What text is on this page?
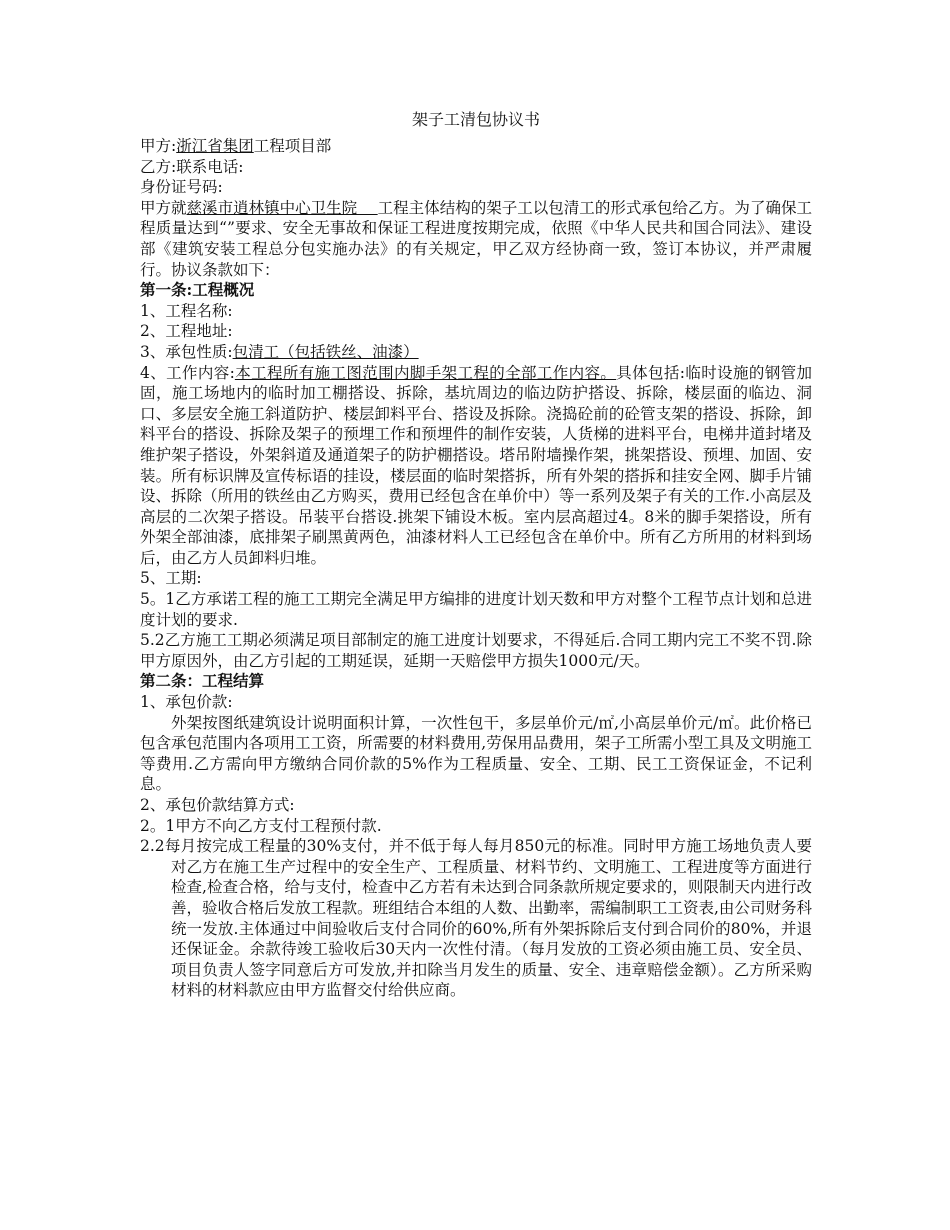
架子工清包协议书
甲方:浙江省集团工程项目部
乙方:联系电话:
身份证号码:
甲方就慈溪市逍林镇中心卫生院　 工程主体结构的架子工以包清工的形式承包给乙方。为了确保工程质量达到“”要求、安全无事故和保证工程进度按期完成，依照《中华人民共和国合同法》、建设部《建筑安装工程总分包实施办法》的有关规定，甲乙双方经协商一致，签订本协议，并严肃履行。协议条款如下：
第一条:工程概况
1、工程名称:
2、工程地址:
3、承包性质:包清工（包括铁丝、油漆）
4、工作内容:本工程所有施工图范围内脚手架工程的全部工作内容。具体包括:临时设施的钢管加固，施工场地内的临时加工棚搭设、拆除，基坑周边的临边防护搭设、拆除，楼层面的临边、洞口、多层安全施工斜道防护、楼层卸料平台、搭设及拆除。浇捣砼前的砼管支架的搭设、拆除，卸料平台的搭设、拆除及架子的预埋工作和预埋件的制作安装，人货梯的进料平台，电梯井道封堵及维护架子搭设，外架斜道及通道架子的防护棚搭设。塔吊附墙操作架，挑架搭设、预埋、加固、安装。所有标识牌及宣传标语的挂设，楼层面的临时架搭拆，所有外架的搭拆和挂安全网、脚手片铺设、拆除（所用的铁丝由乙方购买，费用已经包含在单价中）等一系列及架子有关的工作.小高层及高层的二次架子搭设。吊装平台搭设.挑架下铺设木板。室内层高超过4。8米的脚手架搭设，所有外架全部油漆，底排架子刷黑黄两色，油漆材料人工已经包含在单价中。所有乙方所用的材料到场后，由乙方人员卸料归堆。
5、工期:
5。1乙方承诺工程的施工工期完全满足甲方编排的进度计划天数和甲方对整个工程节点计划和总进度计划的要求.
5.2乙方施工工期必须满足项目部制定的施工进度计划要求，不得延后.合同工期内完工不奖不罚.除甲方原因外，由乙方引起的工期延误，延期一天赔偿甲方损失1000元/天。
第二条：工程结算
1、承包价款:
外架按图纸建筑设计说明面积计算，一次性包干，多层单价元/㎡,小高层单价元/㎡。此价格已包含承包范围内各项用工工资，所需要的材料费用,劳保用品费用，架子工所需小型工具及文明施工等费用.乙方需向甲方缴纳合同价款的5%作为工程质量、安全、工期、民工工资保证金，不记利息。
2、承包价款结算方式:
2。1甲方不向乙方支付工程预付款.
2.2每月按完成工程量的30%支付，并不低于每人每月850元的标准。同时甲方施工场地负责人要对乙方在施工生产过程中的安全生产、工程质量、材料节约、文明施工、工程进度等方面进行检查,检查合格，给与支付，检查中乙方若有未达到合同条款所规定要求的，则限制天内进行改善，验收合格后发放工程款。班组结合本组的人数、出勤率，需编制职工工资表,由公司财务科统一发放.主体通过中间验收后支付合同价的60%,所有外架拆除后支付到合同价的80%，并退还保证金。余款待竣工验收后30天内一次性付清。（每月发放的工资必须由施工员、安全员、项目负责人签字同意后方可发放,并扣除当月发生的质量、安全、违章赔偿金额）。乙方所采购材料的材料款应由甲方监督交付给供应商。
